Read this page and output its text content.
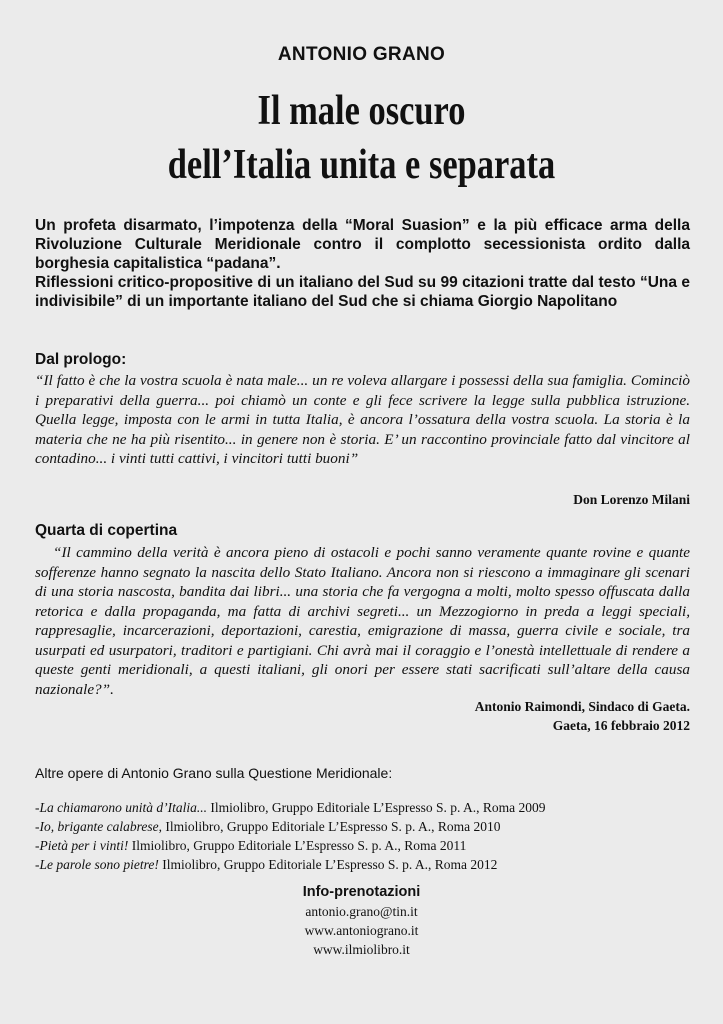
ANTONIO GRANO
Il male oscuro
dell’Italia unita e separata

Un profeta disarmato, l’impotenza della “Moral Suasion” e la più efficace arma della Rivoluzione Culturale Meridionale contro il complotto secessionista ordito dalla borghesia capitalistica “padana”.

Riflessioni critico-propositive di un italiano del Sud su 99 citazioni tratte dal testo “Una e indivisibile” di un importante italiano del Sud che si chiama Giorgio Napolitano

Dal prologo:
“Il fatto è che la vostra scuola è nata male... un re voleva allargare i possessi della sua famiglia. Cominciò i preparativi della guerra... poi chiamò un conte e gli fece scrivere la legge sulla pubblica istruzione. Quella legge, imposta con le armi in tutta Italia, è ancora l’ossatura della vostra scuola. La storia è la materia che ne ha più risentito... in genere non è storia. E’ un raccontino provinciale fatto dal vincitore al contadino... i vinti tutti cattivi, i vincitori tutti buoni”
Don Lorenzo Milani
Quarta di copertina
“Il cammino della verità è ancora pieno di ostacoli e pochi sanno veramente quante rovine e quante sofferenze hanno segnato la nascita dello Stato Italiano. Ancora non si riescono a immaginare gli scenari di una storia nascosta, bandita dai libri... una storia che fa vergogna a molti, molto spesso offuscata dalla retorica e dalla propaganda, ma fatta di archivi segreti... un Mezzogiorno in preda a leggi speciali, rappresaglie, incarcerazioni, deportazioni, carestia, emigrazione di massa, guerra civile e sociale, tra usurpati ed usurpatori, traditori e partigiani. Chi avrà mai il coraggio e l’onestà intellettuale di rendere a queste genti meridionali, a questi italiani, gli onori per essere stati sacrificati sull’altare della causa nazionale?”.
Antonio Raimondi, Sindaco di Gaeta.
Gaeta, 16 febbraio 2012
Altre opere di Antonio Grano sulla Questione Meridionale:
-La chiamarono unità d’Italia... Ilmiolibro, Gruppo Editoriale L’Espresso S. p. A., Roma 2009
-Io, brigante calabrese, Ilmiolibro, Gruppo Editoriale L’Espresso S. p. A., Roma 2010
-Pietà per i vinti! Ilmiolibro, Gruppo Editoriale L’Espresso S. p. A., Roma 2011
-Le parole sono pietre! Ilmiolibro, Gruppo Editoriale L’Espresso S. p. A., Roma 2012
Info-prenotazioni
antonio.grano@tin.it
www.antoniograno.it
www.ilmiolibro.it
